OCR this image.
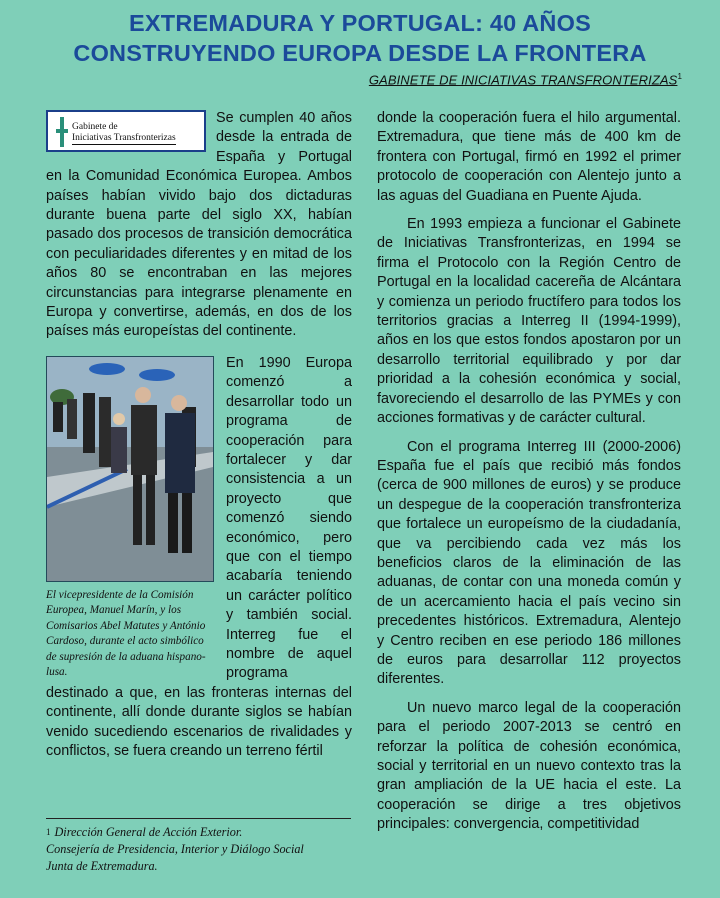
EXTREMADURA Y PORTUGAL: 40 AÑOS
CONSTRUYENDO EUROPA DESDE LA FRONTERA
GABINETE DE INICIATIVAS TRANSFRONTERIZAS$^1$
Gabinete de
Iniciativas Transfronterizas

Se cumplen 40 años desde la entrada de España y Portugal en la Comunidad Económica Europea. Ambos países habían vivido bajo dos dictaduras durante buena parte del siglo XX, habían pasado dos procesos de transición democrática con peculiaridades diferentes y en mitad de los años 80 se encontraban en las mejores circunstancias para integrarse plenamente en Europa y convertirse, además, en dos de los países más europeístas del continente.

El vicepresidente de la Comisión Europea, Manuel Marín, y los Comisarios Abel Matutes y António Cardoso, durante el acto simbólico de supresión de la aduana hispano-lusa.
En 1990 Europa comenzó a desarrollar todo un programa de cooperación para fortalecer y dar consistencia a un proyecto que comenzó siendo económico, pero que con el tiempo acabaría teniendo un carácter político y también social. Interreg fue el nombre de aquel programa destinado a que, en las fronteras internas del continente, allí donde durante siglos se habían venido sucediendo escenarios de rivalidades y conflictos, se fuera creando un terreno fértil

donde la cooperación fuera el hilo argumental. Extremadura, que tiene más de 400 km de frontera con Portugal, firmó en 1992 el primer protocolo de cooperación con Alentejo junto a las aguas del Guadiana en Puente Ajuda.

En 1993 empieza a funcionar el Gabinete de Iniciativas Transfronterizas, en 1994 se firma el Protocolo con la Región Centro de Portugal en la localidad cacereña de Alcántara y comienza un periodo fructífero para todos los territorios gracias a Interreg II (1994-1999), años en los que estos fondos apostaron por un desarrollo territorial equilibrado y por dar prioridad a la cohesión económica y social, favoreciendo el desarrollo de las PYMEs y con acciones formativas y de carácter cultural.

Con el programa Interreg III (2000-2006) España fue el país que recibió más fondos (cerca de 900 millones de euros) y se produce un despegue de la cooperación transfronteriza que fortalece un europeísmo de la ciudadanía, que va percibiendo cada vez más los beneficios claros de la eliminación de las aduanas, de contar con una moneda común y de un acercamiento hacia el país vecino sin precedentes históricos. Extremadura, Alentejo y Centro reciben en ese periodo 186 millones de euros para desarrollar 112 proyectos diferentes.

Un nuevo marco legal de la cooperación para el periodo 2007-2013 se centró en reforzar la política de cohesión económica, social y territorial en un nuevo contexto tras la gran ampliación de la UE hacia el este. La cooperación se dirige a tres objetivos principales: convergencia, competitividad

$^1$ Dirección General de Acción Exterior.
Consejería de Presidencia, Interior y Diálogo Social
Junta de Extremadura.
